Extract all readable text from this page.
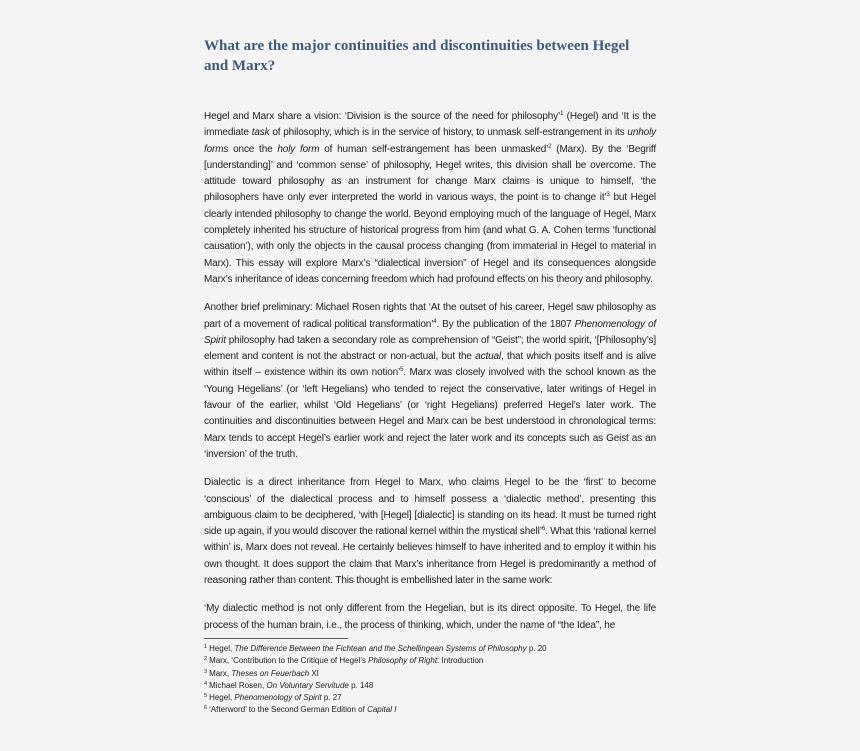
What are the major continuities and discontinuities between Hegel and Marx?

Hegel and Marx share a vision: ‘Division is the source of the need for philosophy’$^1$ (Hegel) and ‘It is the immediate task of philosophy, which is in the service of history, to unmask self-estrangement in its unholy forms once the holy form of human self-estrangement has been unmasked’$^2$ (Marx). By the ‘Begriff [understanding]’ and ‘common sense’ of philosophy, Hegel writes, this division shall be overcome. The attitude toward philosophy as an instrument for change Marx claims is unique to himself, ‘the philosophers have only ever interpreted the world in various ways, the point is to change it’$^3$ but Hegel clearly intended philosophy to change the world. Beyond employing much of the language of Hegel, Marx completely inherited his structure of historical progress from him (and what G. A. Cohen terms ‘functional causation’), with only the objects in the causal process changing (from immaterial in Hegel to material in Marx). This essay will explore Marx’s “dialectical inversion” of Hegel and its consequences alongside Marx’s inheritance of ideas concerning freedom which had profound effects on his theory and philosophy.

Another brief preliminary: Michael Rosen rights that ‘At the outset of his career, Hegel saw philosophy as part of a movement of radical political transformation’$^4$. By the publication of the 1807 Phenomenology of Spirit philosophy had taken a secondary role as comprehension of “Geist”; the world spirit, ‘[Philosophy’s] element and content is not the abstract or non-actual, but the actual, that which posits itself and is alive within itself – existence within its own notion’$^5$. Marx was closely involved with the school known as the ‘Young Hegelians’ (or ‘left Hegelians) who tended to reject the conservative, later writings of Hegel in favour of the earlier, whilst ‘Old Hegelians’ (or ‘right Hegelians) preferred Hegel’s later work. The continuities and discontinuities between Hegel and Marx can be best understood in chronological terms: Marx tends to accept Hegel’s earlier work and reject the later work and its concepts such as Geist as an ‘inversion’ of the truth.

Dialectic is a direct inheritance from Hegel to Marx, who claims Hegel to be the ‘first’ to become ‘conscious’ of the dialectical process and to himself possess a ‘dialectic method’, presenting this ambiguous claim to be deciphered, ‘with [Hegel] [dialectic] is standing on its head. It must be turned right side up again, if you would discover the rational kernel within the mystical shell’$^6$. What this ‘rational kernel within’ is, Marx does not reveal. He certainly believes himself to have inherited and to employ it within his own thought. It does support the claim that Marx’s inheritance from Hegel is predominantly a method of reasoning rather than content. This thought is embellished later in the same work:

‘My dialectic method is not only different from the Hegelian, but is its direct opposite. To Hegel, the life process of the human brain, i.e., the process of thinking, which, under the name of “the Idea”, he

$^1$ Hegel, The Difference Between the Fichtean and the Schellingean Systems of Philosophy p. 20
$^2$ Marx, ‘Contribution to the Critique of Hegel’s Philosophy of Right: Introduction
$^3$ Marx, Theses on Feuerbach XI
$^4$ Michael Rosen, On Voluntary Servitude p. 148
$^5$ Hegel, Phenomenology of Spirit p. 27
$^6$ ‘Afterword’ to the Second German Edition of Capital I
